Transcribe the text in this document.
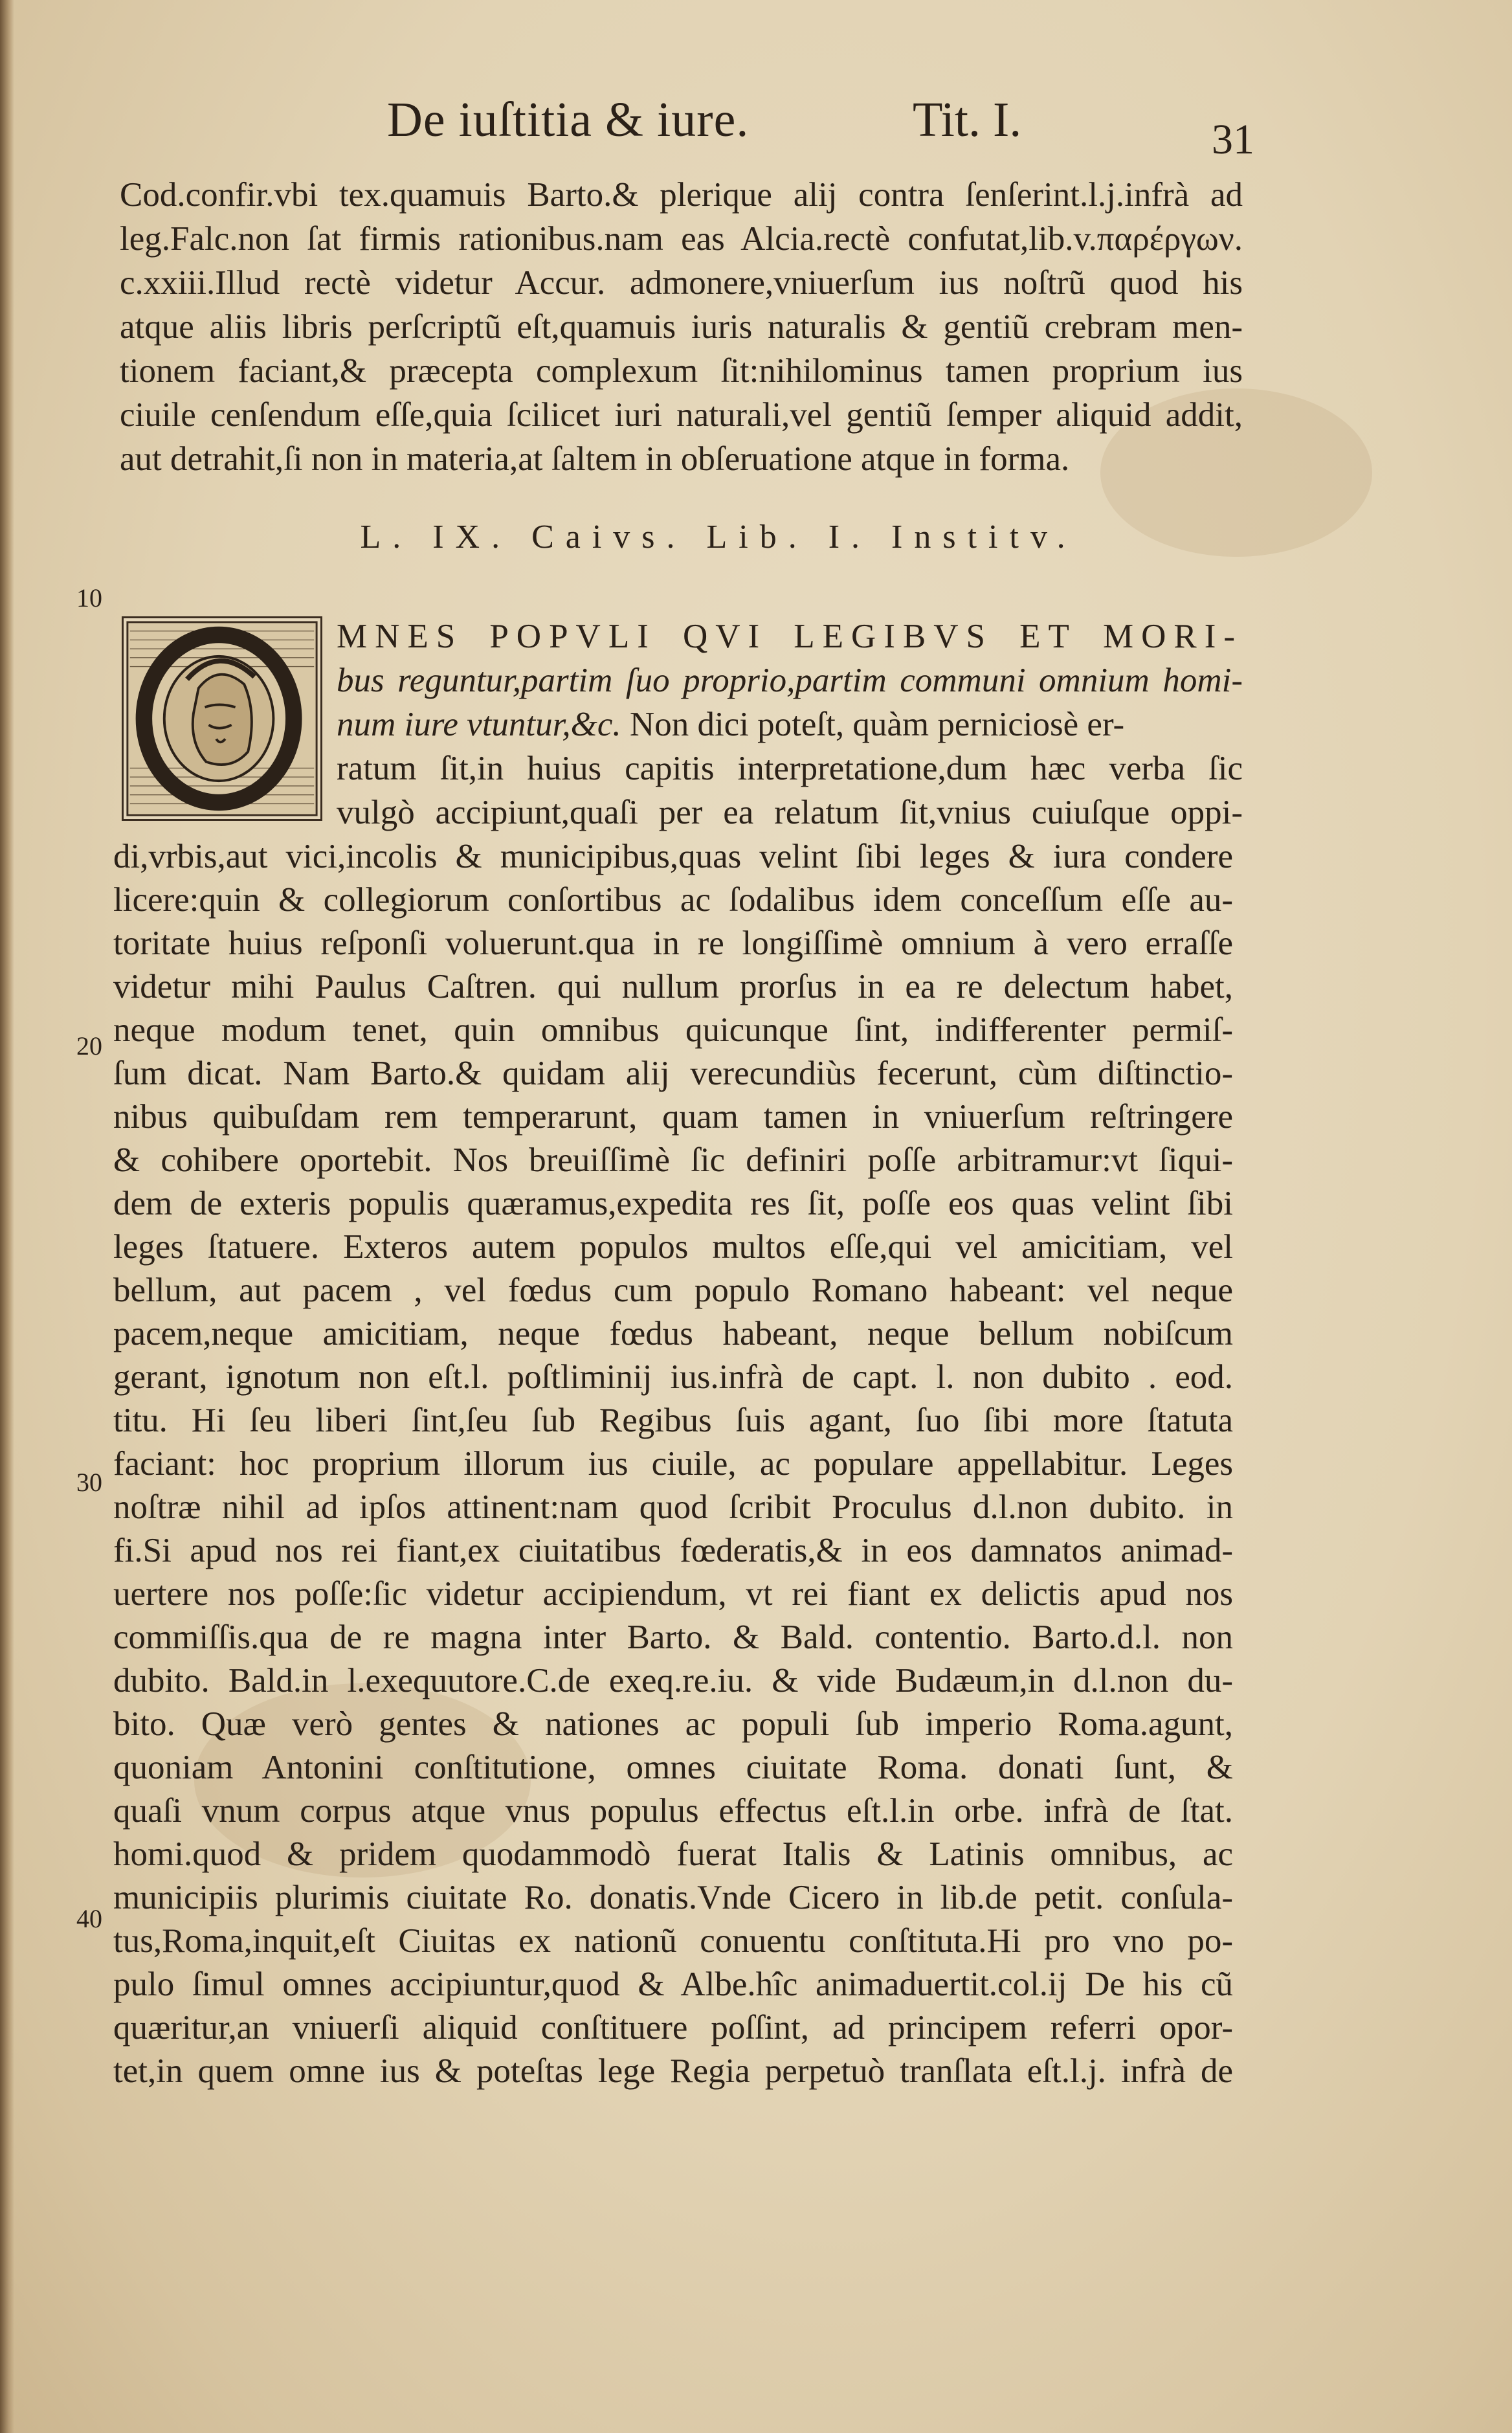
De iuſtitia & iure.	Tit. I.	31
Cod.confir.vbi tex.quamuis Barto.& plerique alij contra ſenſerint.l.j.infrà ad
leg.Falc.non ſat firmis rationibus.nam eas Alcia.rectè confutat,lib.v.παρέργων.
c.xxiii.Illud rectè videtur Accur. admonere,vniuerſum ius noſtrũ quod his
atque aliis libris perſcriptũ eſt,quamuis iuris naturalis & gentiũ crebram men-
tionem faciant,& præcepta complexum ſit:nihilominus tamen proprium ius
ciuile cenſendum eſſe,quia ſcilicet iuri naturali,vel gentiũ ſemper aliquid addit,
aut detrahit,ſi non in materia,at ſaltem in obſeruatione atque in forma.
L. IX. Caivs. Lib. I. Institv.
10
20
30
40
MNES POPVLI QVI LEGIBVS ET MORI-
bus reguntur,partim ſuo proprio,partim communi omnium homi-
num iure vtuntur,&c. Non dici poteſt, quàm perniciosè er-
ratum ſit,in huius capitis interpretatione,dum hæc verba ſic
vulgò accipiunt,quaſi per ea relatum ſit,vnius cuiuſque oppi-
di,vrbis,aut vici,incolis & municipibus,quas velint ſibi leges & iura condere
licere:quin & collegiorum conſortibus ac ſodalibus idem conceſſum eſſe au-
toritate huius reſponſi voluerunt.qua in re longiſſimè omnium à vero erraſſe
videtur mihi Paulus Caſtren. qui nullum prorſus in ea re delectum habet,
neque modum tenet, quin omnibus quicunque ſint, indifferenter permiſ-
ſum dicat. Nam Barto.& quidam alij verecundiùs fecerunt, cùm diſtinctio-
nibus quibuſdam rem temperarunt, quam tamen in vniuerſum reſtringere
& cohibere oportebit. Nos breuiſſimè ſic definiri poſſe arbitramur:vt ſiqui-
dem de exteris populis quæramus,expedita res ſit, poſſe eos quas velint ſibi
leges ſtatuere. Exteros autem populos multos eſſe,qui vel amicitiam, vel
bellum, aut pacem , vel fœdus cum populo Romano habeant: vel neque
pacem,neque amicitiam, neque fœdus habeant, neque bellum nobiſcum
gerant, ignotum non eſt.l. poſtliminij ius.infrà de capt. l. non dubito . eod.
titu. Hi ſeu liberi ſint,ſeu ſub Regibus ſuis agant, ſuo ſibi more ſtatuta
faciant: hoc proprium illorum ius ciuile, ac populare appellabitur. Leges
noſtræ nihil ad ipſos attinent:nam quod ſcribit Proculus d.l.non dubito. in
fi.Si apud nos rei fiant,ex ciuitatibus fœderatis,& in eos damnatos animad-
uertere nos poſſe:ſic videtur accipiendum, vt rei fiant ex delictis apud nos
commiſſis.qua de re magna inter Barto. & Bald. contentio. Barto.d.l. non
dubito. Bald.in l.exequutore.C.de exeq.re.iu. & vide Budæum,in d.l.non du-
bito. Quæ verò gentes & nationes ac populi ſub imperio Roma.agunt,
quoniam Antonini conſtitutione, omnes ciuitate Roma. donati ſunt, &
quaſi vnum corpus atque vnus populus effectus eſt.l.in orbe. infrà de ſtat.
homi.quod & pridem quodammodò fuerat Italis & Latinis omnibus, ac
municipiis plurimis ciuitate Ro. donatis.Vnde Cicero in lib.de petit. conſula-
tus,Roma,inquit,eſt Ciuitas ex nationũ conuentu conſtituta.Hi pro vno po-
pulo ſimul omnes accipiuntur,quod & Albe.hîc animaduertit.col.ij De his cũ
quæritur,an vniuerſi aliquid conſtituere poſſint, ad principem referri opor-
tet,in quem omne ius & poteſtas lege Regia perpetuò tranſlata eſt.l.j. infrà de
